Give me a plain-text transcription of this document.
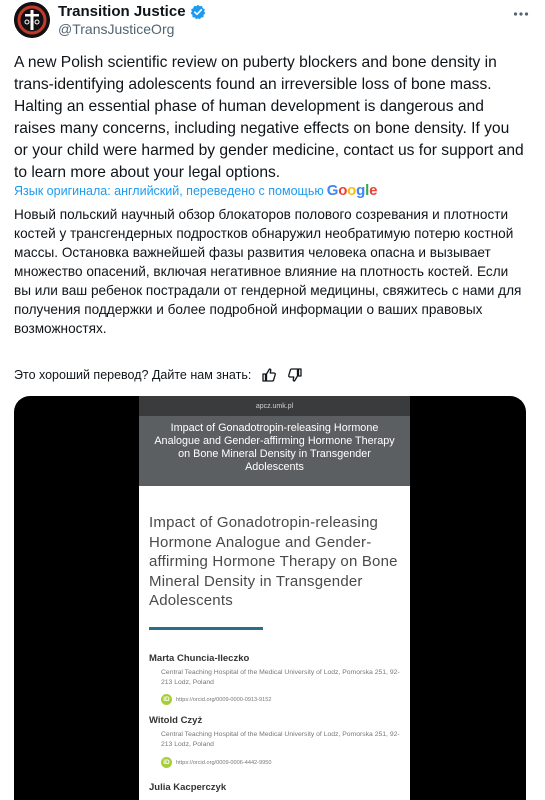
Transition Justice
@TransJusticeOrg
A new Polish scientific review on puberty blockers and bone density in trans-identifying adolescents found an irreversible loss of bone mass. Halting an essential phase of human development is dangerous and raises many concerns, including negative effects on bone density. If you or your child were harmed by gender medicine, contact us for support and to learn more about your legal options.
Язык оригинала: английский, переведено с помощью Google
Новый польский научный обзор блокаторов полового созревания и плотности костей у трансгендерных подростков обнаружил необратимую потерю костной массы. Остановка важнейшей фазы развития человека опасна и вызывает множество опасений, включая негативное влияние на плотность костей. Если вы или ваш ребенок пострадали от гендерной медицины, свяжитесь с нами для получения поддержки и более подробной информации о ваших правовых возможностях.
Это хороший перевод? Дайте нам знать:
apcz.umk.pl
Impact of Gonadotropin-releasing Hormone Analogue and Gender-affirming Hormone Therapy on Bone Mineral Density in Transgender Adolescents
Impact of Gonadotropin-releasing Hormone Analogue and Gender-affirming Hormone Therapy on Bone Mineral Density in Transgender Adolescents
Marta Chuncia-Ileczko
Central Teaching Hospital of the Medical University of Lodz, Pomorska 251, 92-213 Lodz, Poland
iD	https://orcid.org/0009-0000-0913-9152
Witold Czyż
Central Teaching Hospital of the Medical University of Lodz, Pomorska 251, 92-213 Lodz, Poland
iD	https://orcid.org/0009-0006-4442-9950
Julia Kacperczyk
